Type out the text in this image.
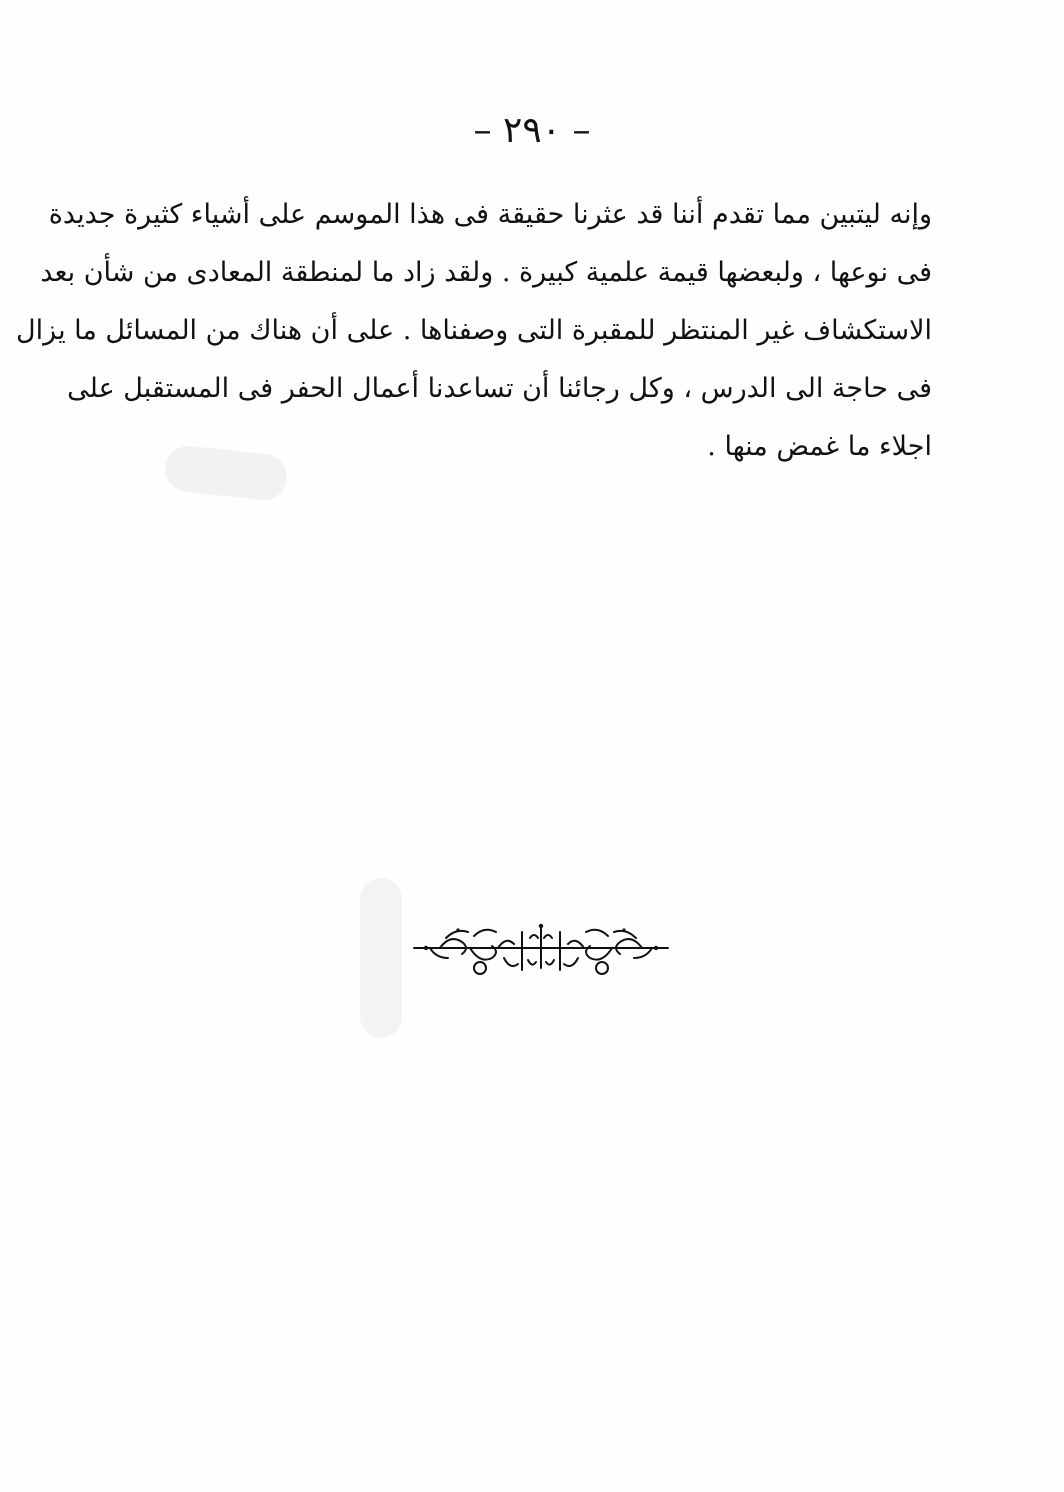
– ٢٩٠ –
وإنه ليتبين مما تقدم أننا قد عثرنا حقيقة فى هذا الموسم على أشياء كثيرة جديدة
فى نوعها ، ولبعضها قيمة علمية كبيرة . ولقد زاد ما لمنطقة المعادى من شأن بعد
الاستكشاف غير المنتظر للمقبرة التى وصفناها . على أن هناك من المسائل ما يزال
فى حاجة الى الدرس ، وكل رجائنا أن تساعدنا أعمال الحفر فى المستقبل على
اجلاء ما غمض منها .
